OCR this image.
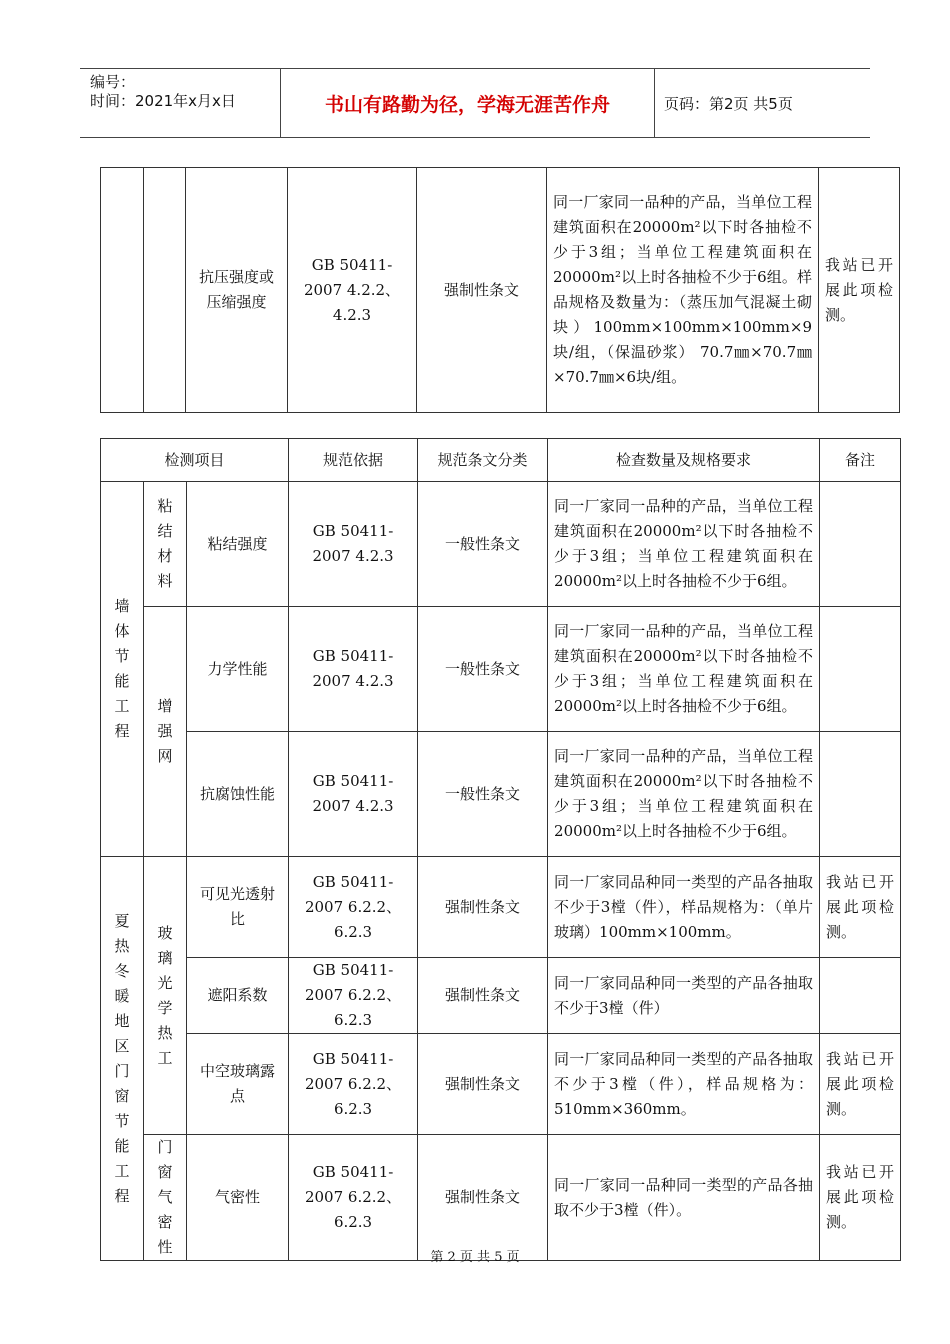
编号：
时间：2021年x月x日	书山有路勤为径，学海无涯苦作舟	页码：第2页 共5页
		抗压强度或压缩强度	GB 50411-2007 4.2.2、4.2.3	强制性条文	同一厂家同一品种的产品，当单位工程建筑面积在20000m²以下时各抽检不少于3组；当单位工程建筑面积在20000m²以上时各抽检不少于6组。样品规格及数量为：（蒸压加气混凝土砌块）100mm×100mm×100mm×9块/组，（保温砂浆） 70.7㎜×70.7㎜×70.7㎜×6块/组。	我站已开展此项检测。
检测项目			规范依据	规范条文分类	检查数量及规格要求	备注

墙体节能工程	粘结材料	粘结强度	GB 50411-2007 4.2.3	一般性条文	同一厂家同一品种的产品，当单位工程建筑面积在20000m²以下时各抽检不少于3组；当单位工程建筑面积在20000m²以上时各抽检不少于6组。	

	增强网	力学性能	GB 50411-2007 4.2.3	一般性条文	同一厂家同一品种的产品，当单位工程建筑面积在20000m²以下时各抽检不少于3组；当单位工程建筑面积在20000m²以上时各抽检不少于6组。	
		抗腐蚀性能	GB 50411-2007 4.2.3	一般性条文	同一厂家同一品种的产品，当单位工程建筑面积在20000m²以下时各抽检不少于3组；当单位工程建筑面积在20000m²以上时各抽检不少于6组。	

夏热冬暖地区门窗节能工程	玻璃光学热工	可见光透射比	GB 50411-2007 6.2.2、6.2.3	强制性条文	同一厂家同品种同一类型的产品各抽取不少于3樘（件），样品规格为：（单片玻璃）100mm×100mm。	我站已开展此项检测。
		遮阳系数	GB 50411-2007 6.2.2、6.2.3	强制性条文	同一厂家同品种同一类型的产品各抽取不少于3樘（件）	
		中空玻璃露点	GB 50411-2007 6.2.2、6.2.3	强制性条文	同一厂家同品种同一类型的产品各抽取不少于3樘（件），样品规格为： 510mm×360mm。	我站已开展此项检测。

	门窗气密性	气密性	GB 50411-2007 6.2.2、6.2.3	强制性条文	同一厂家同一品种同一类型的产品各抽取不少于3樘（件）。	我站已开展此项检测。
第 2 页 共 5 页
